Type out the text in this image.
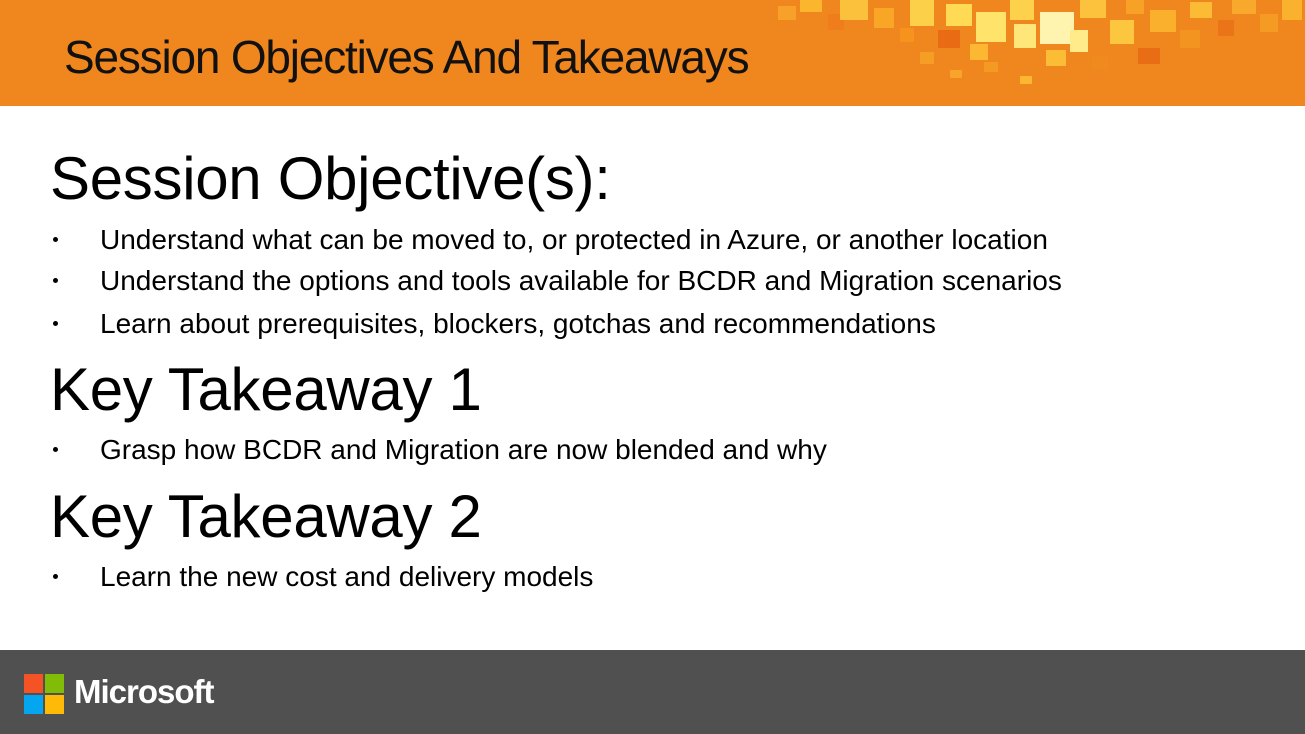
Session Objectives And Takeaways
Session Objective(s):
Understand what can be moved to, or protected in Azure, or another location
Understand the options and tools available for BCDR and Migration scenarios
Learn about prerequisites, blockers, gotchas and recommendations
Key Takeaway 1
Grasp how BCDR and Migration are now blended and why
Key Takeaway 2
Learn the new cost and delivery models
Microsoft
